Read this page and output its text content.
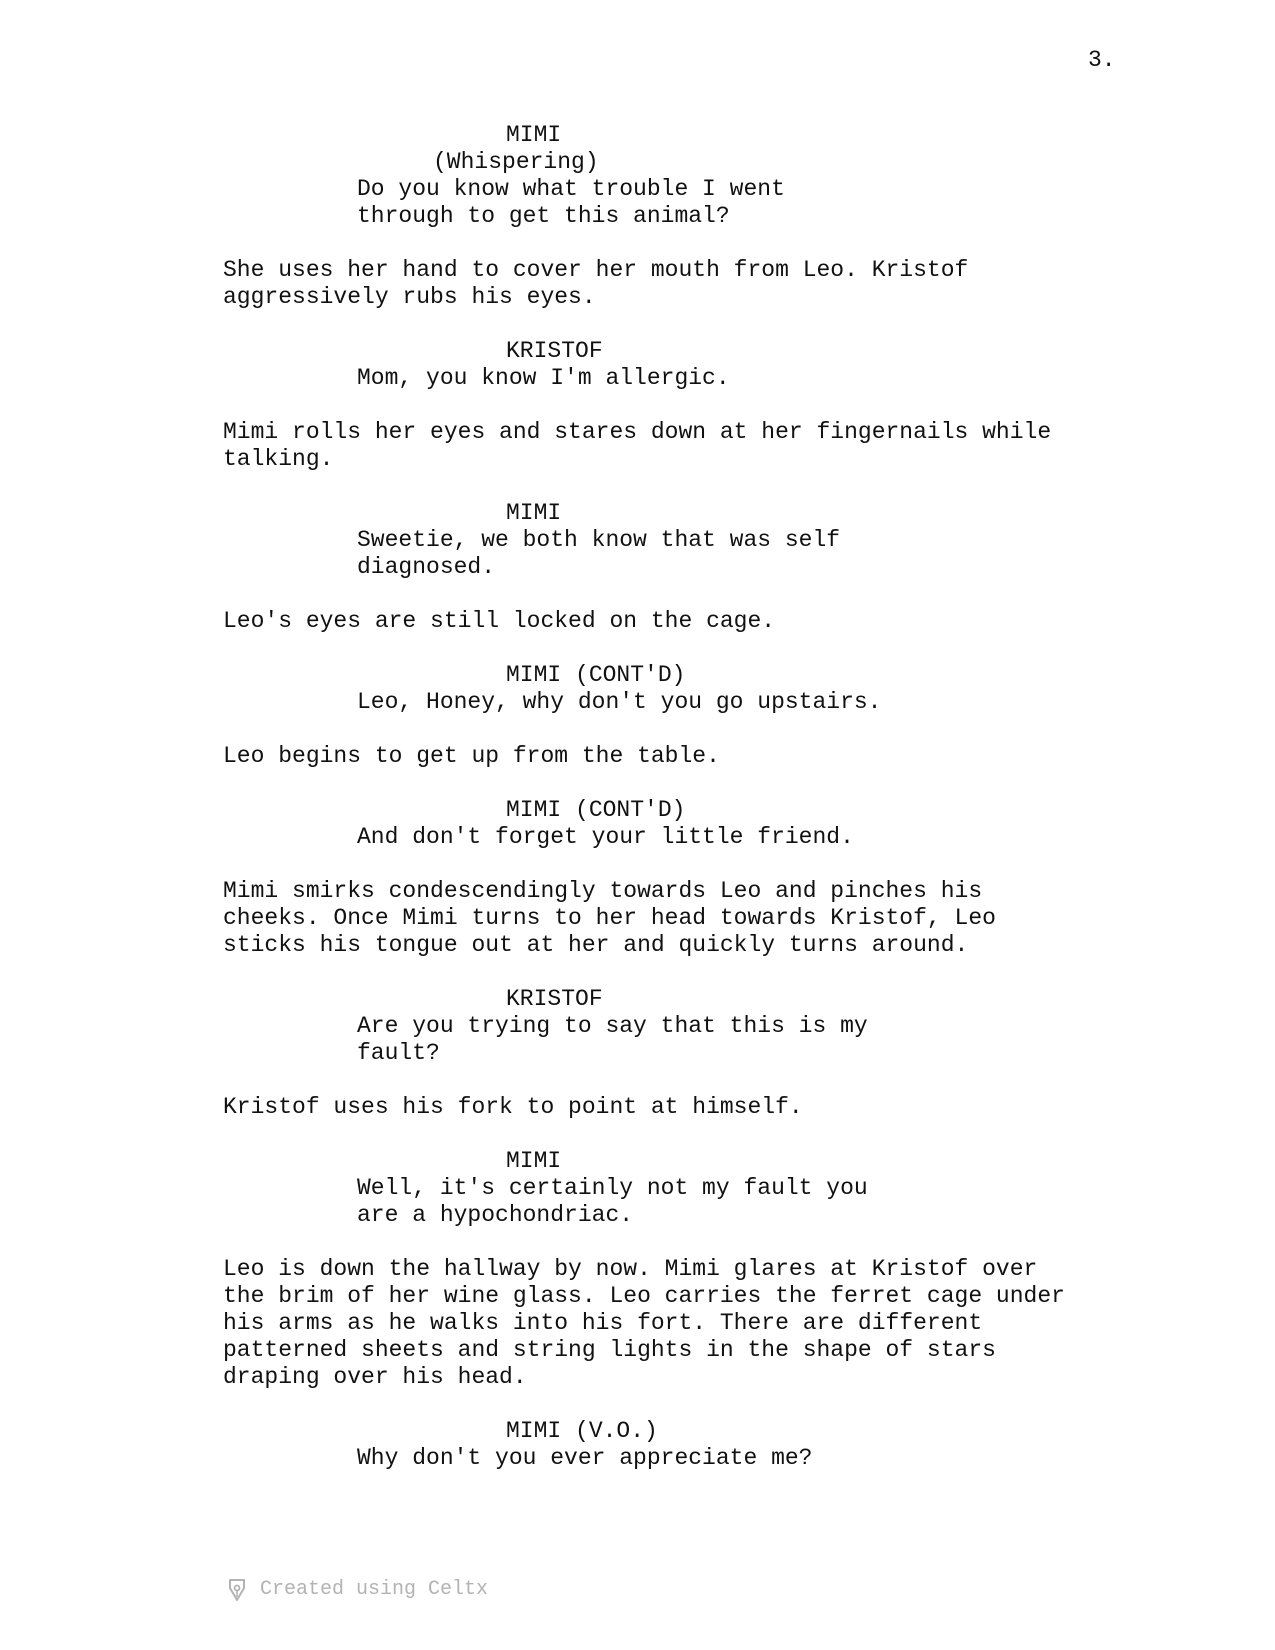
3.
MIMI
(Whispering)
Do you know what trouble I went
through to get this animal?
She uses her hand to cover her mouth from Leo. Kristof
aggressively rubs his eyes.
KRISTOF
Mom, you know I'm allergic.
Mimi rolls her eyes and stares down at her fingernails while
talking.
MIMI
Sweetie, we both know that was self
diagnosed.
Leo's eyes are still locked on the cage.
MIMI (CONT'D)
Leo, Honey, why don't you go upstairs.
Leo begins to get up from the table.
MIMI (CONT'D)
And don't forget your little friend.
Mimi smirks condescendingly towards Leo and pinches his
cheeks. Once Mimi turns to her head towards Kristof, Leo
sticks his tongue out at her and quickly turns around.
KRISTOF
Are you trying to say that this is my
fault?
Kristof uses his fork to point at himself.
MIMI
Well, it's certainly not my fault you
are a hypochondriac.
Leo is down the hallway by now. Mimi glares at Kristof over
the brim of her wine glass. Leo carries the ferret cage under
his arms as he walks into his fort. There are different
patterned sheets and string lights in the shape of stars
draping over his head.
MIMI (V.O.)
Why don't you ever appreciate me?
Created using Celtx
